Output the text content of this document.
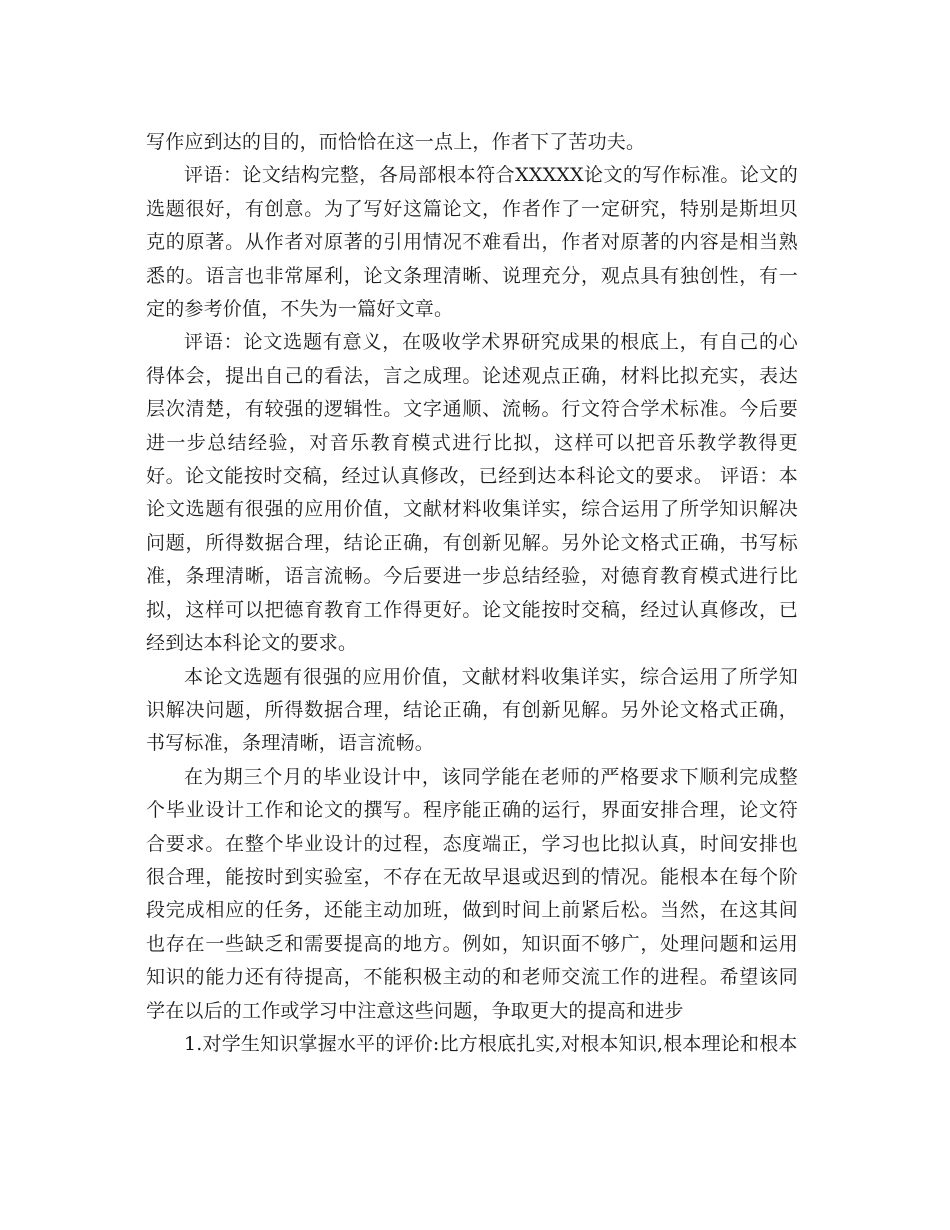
写作应到达的目的，而恰恰在这一点上，作者下了苦功夫。

评语：论文结构完整，各局部根本符合XXXXX论文的写作标准。论文的选题很好，有创意。为了写好这篇论文，作者作了一定研究，特别是斯坦贝克的原著。从作者对原著的引用情况不难看出，作者对原著的内容是相当熟悉的。语言也非常犀利，论文条理清晰、说理充分，观点具有独创性，有一定的参考价值，不失为一篇好文章。

评语：论文选题有意义，在吸收学术界研究成果的根底上，有自己的心得体会，提出自己的看法，言之成理。论述观点正确，材料比拟充实，表达层次清楚，有较强的逻辑性。文字通顺、流畅。行文符合学术标准。今后要进一步总结经验，对音乐教育模式进行比拟，这样可以把音乐教学教得更好。论文能按时交稿，经过认真修改，已经到达本科论文的要求。 评语：本论文选题有很强的应用价值，文献材料收集详实，综合运用了所学知识解决问题，所得数据合理，结论正确，有创新见解。另外论文格式正确，书写标准，条理清晰，语言流畅。今后要进一步总结经验，对德育教育模式进行比拟，这样可以把德育教育工作得更好。论文能按时交稿，经过认真修改，已经到达本科论文的要求。

本论文选题有很强的应用价值，文献材料收集详实，综合运用了所学知识解决问题，所得数据合理，结论正确，有创新见解。另外论文格式正确，书写标准，条理清晰，语言流畅。

在为期三个月的毕业设计中，该同学能在老师的严格要求下顺利完成整个毕业设计工作和论文的撰写。程序能正确的运行，界面安排合理，论文符合要求。在整个毕业设计的过程，态度端正，学习也比拟认真，时间安排也很合理，能按时到实验室，不存在无故早退或迟到的情况。能根本在每个阶段完成相应的任务，还能主动加班，做到时间上前紧后松。当然，在这其间也存在一些缺乏和需要提高的地方。例如，知识面不够广，处理问题和运用知识的能力还有待提高，不能积极主动的和老师交流工作的进程。希望该同学在以后的工作或学习中注意这些问题，争取更大的提高和进步

1.对学生知识掌握水平的评价:比方根底扎实,对根本知识,根本理论和根本
